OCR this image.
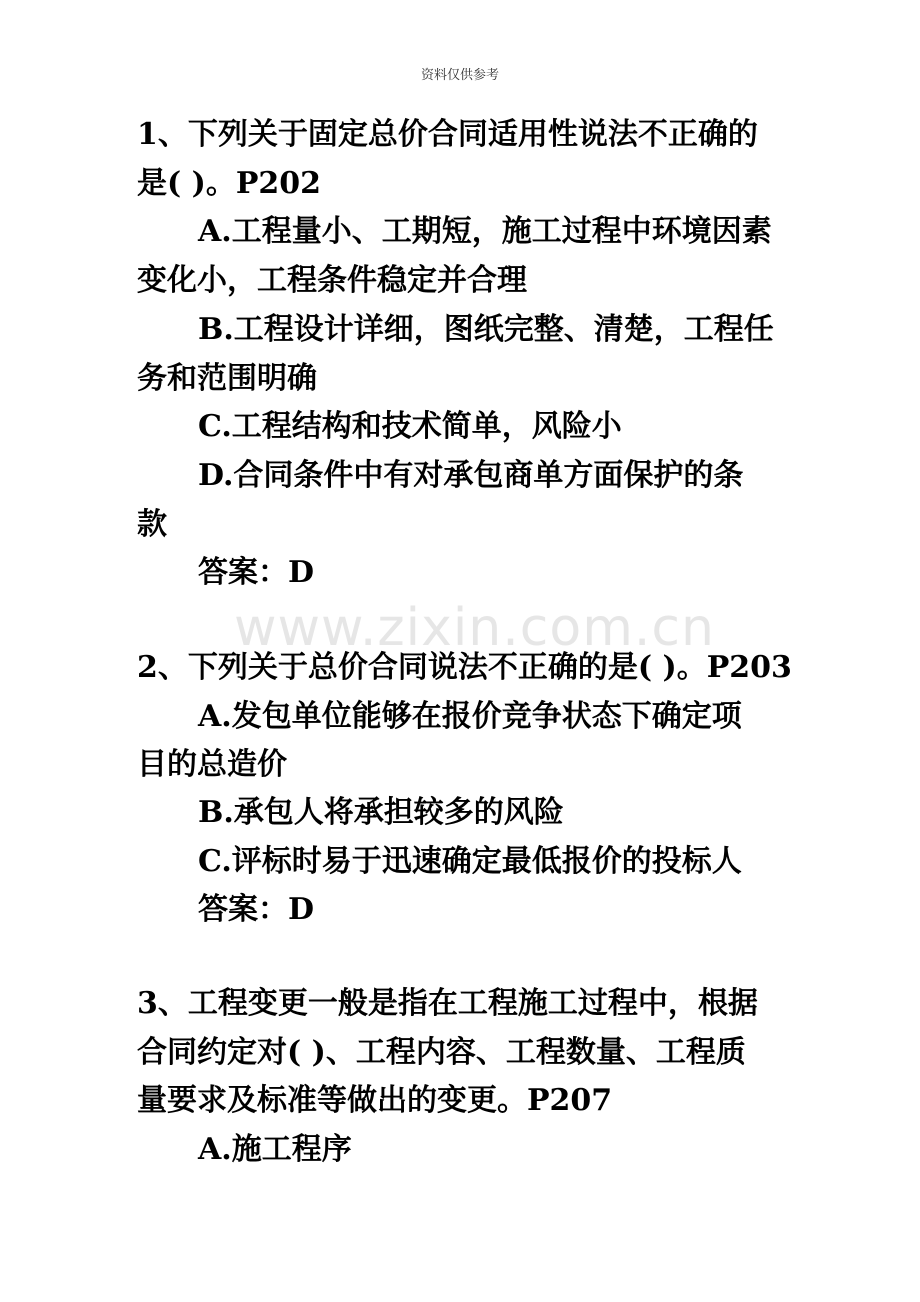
资料仅供参考
www.zixin.com.cn
1、下列关于固定总价合同适用性说法不正确的
是( )。P202
A.工程量小、工期短，施工过程中环境因素
变化小，工程条件稳定并合理
B.工程设计详细，图纸完整、清楚，工程任
务和范围明确
C.工程结构和技术简单，风险小
D.合同条件中有对承包商单方面保护的条
款
答案：D
2、下列关于总价合同说法不正确的是( )。P203
A.发包单位能够在报价竞争状态下确定项
目的总造价
B.承包人将承担较多的风险
C.评标时易于迅速确定最低报价的投标人
答案：D
3、工程变更一般是指在工程施工过程中，根据
合同约定对( )、工程内容、工程数量、工程质
量要求及标准等做出的变更。P207
A.施工程序
